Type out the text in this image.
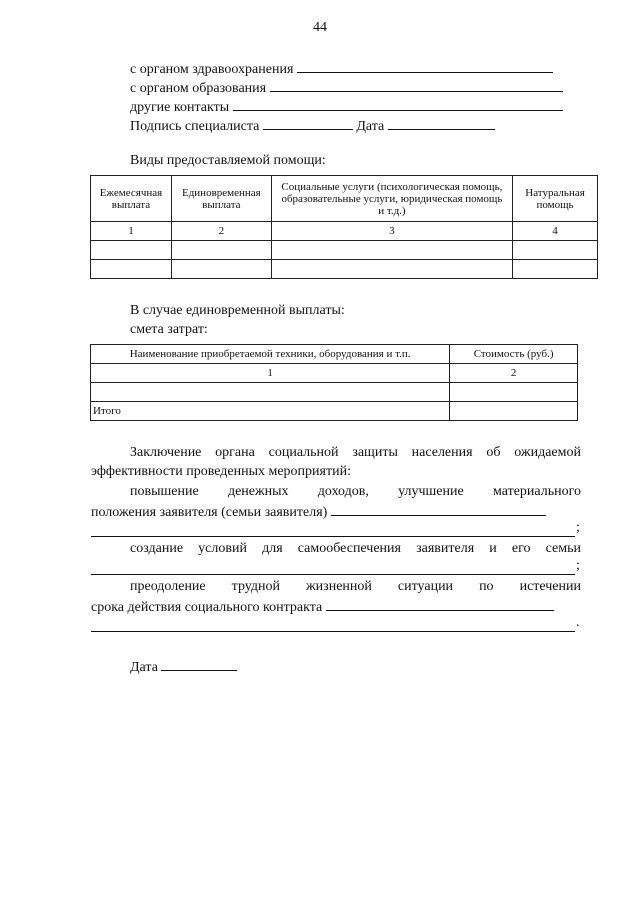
44
с органом здравоохранения
с органом образования
другие контакты
Подпись специалиста	Дата
Виды предоставляемой помощи:
Ежемесячная выплата	Единовременная выплата	Социальные услуги (психологическая помощь, образовательные услуги, юридическая помощь и т.д.)	Натуральная помощь
1	2	3	4

В случае единовременной выплаты:
смета затрат:
Наименование приобретаемой техники, оборудования и т.п.	Стоимость (руб.)
1	2

Итого	
Заключение органа социальной защиты населения об ожидаемой эффективности проведенных мероприятий:
повышение денежных доходов, улучшение материального
положения заявителя (семьи заявителя)
;
создание условий для самообеспечения заявителя и его семьи
;
преодоление трудной жизненной ситуации по истечении
срока действия социального контракта
.
Дата
